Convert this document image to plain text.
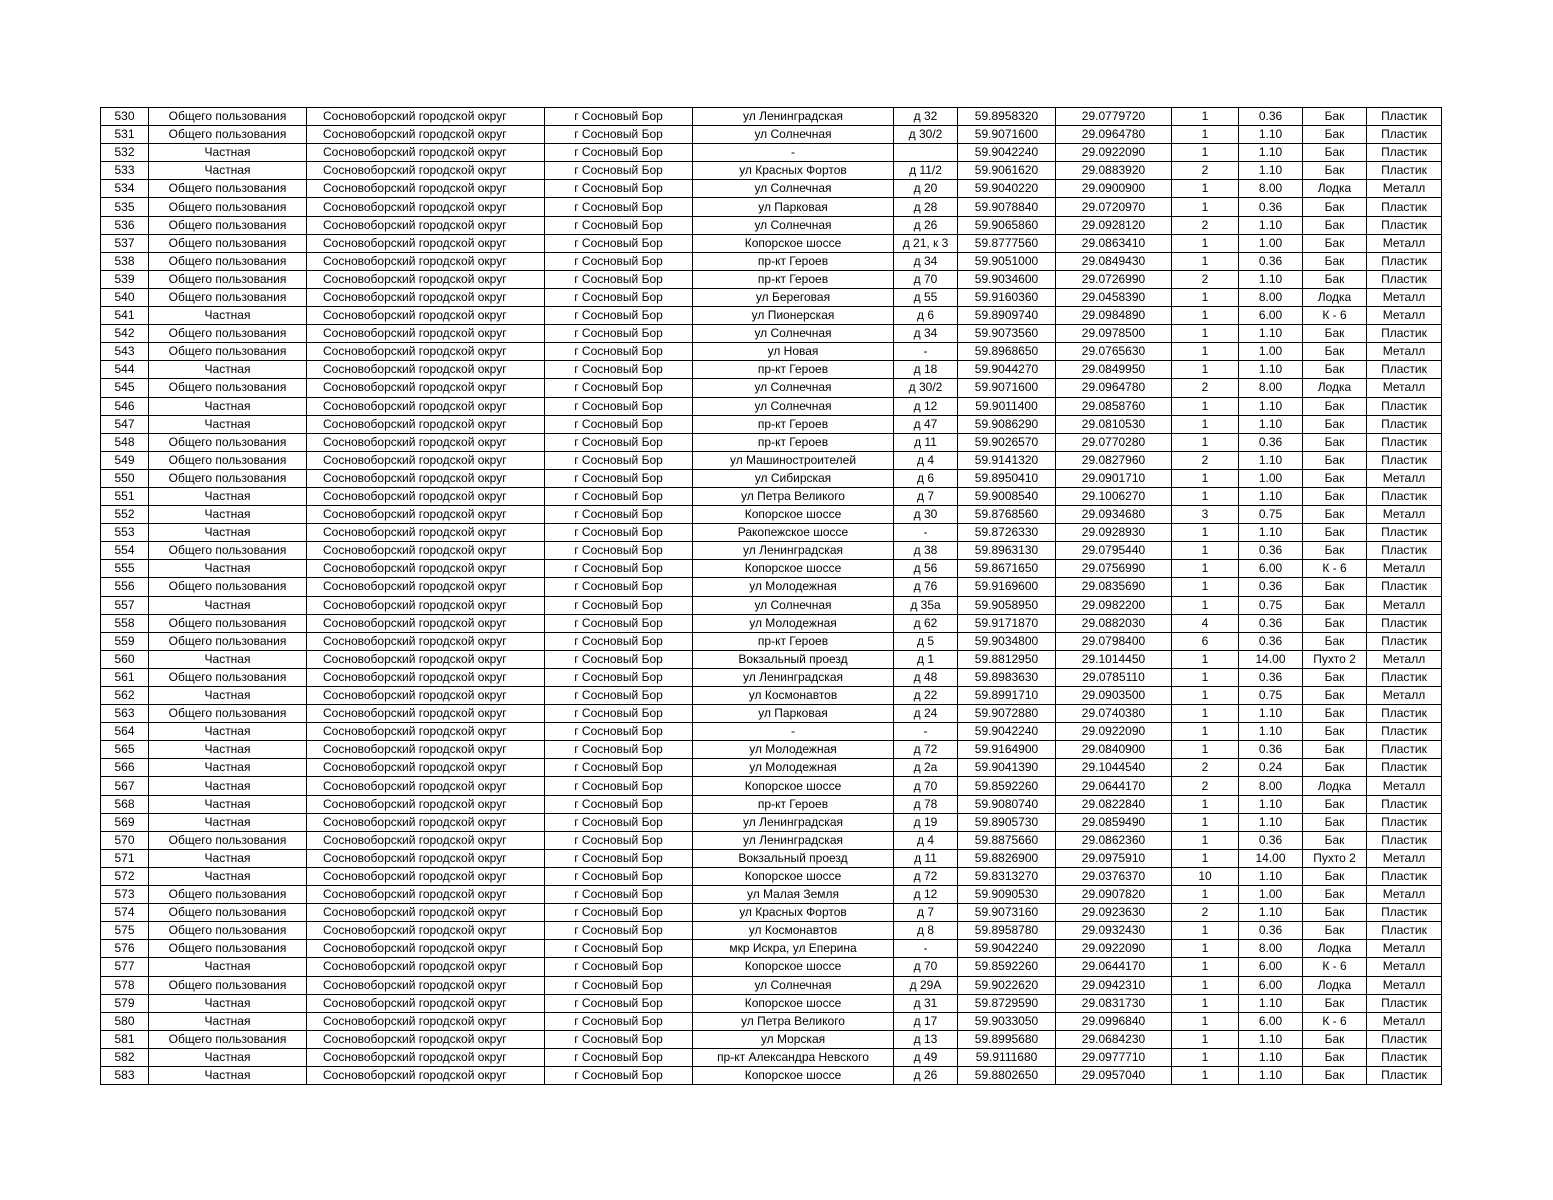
530	Общего пользования	Сосновоборский городской округ	г Сосновый Бор	ул Ленинградская	д 32	59.8958320	29.0779720	1	0.36	Бак	Пластик
531	Общего пользования	Сосновоборский городской округ	г Сосновый Бор	ул Солнечная	д 30/2	59.9071600	29.0964780	1	1.10	Бак	Пластик
532	Частная	Сосновоборский городской округ	г Сосновый Бор	-		59.9042240	29.0922090	1	1.10	Бак	Пластик
533	Частная	Сосновоборский городской округ	г Сосновый Бор	ул Красных Фортов	д 11/2	59.9061620	29.0883920	2	1.10	Бак	Пластик
534	Общего пользования	Сосновоборский городской округ	г Сосновый Бор	ул Солнечная	д 20	59.9040220	29.0900900	1	8.00	Лодка	Металл
535	Общего пользования	Сосновоборский городской округ	г Сосновый Бор	ул Парковая	д 28	59.9078840	29.0720970	1	0.36	Бак	Пластик
536	Общего пользования	Сосновоборский городской округ	г Сосновый Бор	ул Солнечная	д 26	59.9065860	29.0928120	2	1.10	Бак	Пластик
537	Общего пользования	Сосновоборский городской округ	г Сосновый Бор	Копорское шоссе	д 21, к 3	59.8777560	29.0863410	1	1.00	Бак	Металл
538	Общего пользования	Сосновоборский городской округ	г Сосновый Бор	пр-кт Героев	д 34	59.9051000	29.0849430	1	0.36	Бак	Пластик
539	Общего пользования	Сосновоборский городской округ	г Сосновый Бор	пр-кт Героев	д 70	59.9034600	29.0726990	2	1.10	Бак	Пластик
540	Общего пользования	Сосновоборский городской округ	г Сосновый Бор	ул Береговая	д 55	59.9160360	29.0458390	1	8.00	Лодка	Металл
541	Частная	Сосновоборский городской округ	г Сосновый Бор	ул Пионерская	д 6	59.8909740	29.0984890	1	6.00	К - 6	Металл
542	Общего пользования	Сосновоборский городской округ	г Сосновый Бор	ул Солнечная	д 34	59.9073560	29.0978500	1	1.10	Бак	Пластик
543	Общего пользования	Сосновоборский городской округ	г Сосновый Бор	ул Новая	-	59.8968650	29.0765630	1	1.00	Бак	Металл
544	Частная	Сосновоборский городской округ	г Сосновый Бор	пр-кт Героев	д 18	59.9044270	29.0849950	1	1.10	Бак	Пластик
545	Общего пользования	Сосновоборский городской округ	г Сосновый Бор	ул Солнечная	д 30/2	59.9071600	29.0964780	2	8.00	Лодка	Металл
546	Частная	Сосновоборский городской округ	г Сосновый Бор	ул Солнечная	д 12	59.9011400	29.0858760	1	1.10	Бак	Пластик
547	Частная	Сосновоборский городской округ	г Сосновый Бор	пр-кт Героев	д 47	59.9086290	29.0810530	1	1.10	Бак	Пластик
548	Общего пользования	Сосновоборский городской округ	г Сосновый Бор	пр-кт Героев	д 11	59.9026570	29.0770280	1	0.36	Бак	Пластик
549	Общего пользования	Сосновоборский городской округ	г Сосновый Бор	ул Машиностроителей	д 4	59.9141320	29.0827960	2	1.10	Бак	Пластик
550	Общего пользования	Сосновоборский городской округ	г Сосновый Бор	ул Сибирская	д 6	59.8950410	29.0901710	1	1.00	Бак	Металл
551	Частная	Сосновоборский городской округ	г Сосновый Бор	ул Петра Великого	д 7	59.9008540	29.1006270	1	1.10	Бак	Пластик
552	Частная	Сосновоборский городской округ	г Сосновый Бор	Копорское шоссе	д 30	59.8768560	29.0934680	3	0.75	Бак	Металл
553	Частная	Сосновоборский городской округ	г Сосновый Бор	Ракопежское шоссе	-	59.8726330	29.0928930	1	1.10	Бак	Пластик
554	Общего пользования	Сосновоборский городской округ	г Сосновый Бор	ул Ленинградская	д 38	59.8963130	29.0795440	1	0.36	Бак	Пластик
555	Частная	Сосновоборский городской округ	г Сосновый Бор	Копорское шоссе	д 56	59.8671650	29.0756990	1	6.00	К - 6	Металл
556	Общего пользования	Сосновоборский городской округ	г Сосновый Бор	ул Молодежная	д 76	59.9169600	29.0835690	1	0.36	Бак	Пластик
557	Частная	Сосновоборский городской округ	г Сосновый Бор	ул Солнечная	д 35а	59.9058950	29.0982200	1	0.75	Бак	Металл
558	Общего пользования	Сосновоборский городской округ	г Сосновый Бор	ул Молодежная	д 62	59.9171870	29.0882030	4	0.36	Бак	Пластик
559	Общего пользования	Сосновоборский городской округ	г Сосновый Бор	пр-кт Героев	д 5	59.9034800	29.0798400	6	0.36	Бак	Пластик
560	Частная	Сосновоборский городской округ	г Сосновый Бор	Вокзальный проезд	д 1	59.8812950	29.1014450	1	14.00	Пухто 2	Металл
561	Общего пользования	Сосновоборский городской округ	г Сосновый Бор	ул Ленинградская	д 48	59.8983630	29.0785110	1	0.36	Бак	Пластик
562	Частная	Сосновоборский городской округ	г Сосновый Бор	ул Космонавтов	д 22	59.8991710	29.0903500	1	0.75	Бак	Металл
563	Общего пользования	Сосновоборский городской округ	г Сосновый Бор	ул Парковая	д 24	59.9072880	29.0740380	1	1.10	Бак	Пластик
564	Частная	Сосновоборский городской округ	г Сосновый Бор	-	-	59.9042240	29.0922090	1	1.10	Бак	Пластик
565	Частная	Сосновоборский городской округ	г Сосновый Бор	ул Молодежная	д 72	59.9164900	29.0840900	1	0.36	Бак	Пластик
566	Частная	Сосновоборский городской округ	г Сосновый Бор	ул Молодежная	д 2а	59.9041390	29.1044540	2	0.24	Бак	Пластик
567	Частная	Сосновоборский городской округ	г Сосновый Бор	Копорское шоссе	д 70	59.8592260	29.0644170	2	8.00	Лодка	Металл
568	Частная	Сосновоборский городской округ	г Сосновый Бор	пр-кт Героев	д 78	59.9080740	29.0822840	1	1.10	Бак	Пластик
569	Частная	Сосновоборский городской округ	г Сосновый Бор	ул Ленинградская	д 19	59.8905730	29.0859490	1	1.10	Бак	Пластик
570	Общего пользования	Сосновоборский городской округ	г Сосновый Бор	ул Ленинградская	д 4	59.8875660	29.0862360	1	0.36	Бак	Пластик
571	Частная	Сосновоборский городской округ	г Сосновый Бор	Вокзальный проезд	д 11	59.8826900	29.0975910	1	14.00	Пухто 2	Металл
572	Частная	Сосновоборский городской округ	г Сосновый Бор	Копорское шоссе	д 72	59.8313270	29.0376370	10	1.10	Бак	Пластик
573	Общего пользования	Сосновоборский городской округ	г Сосновый Бор	ул Малая Земля	д 12	59.9090530	29.0907820	1	1.00	Бак	Металл
574	Общего пользования	Сосновоборский городской округ	г Сосновый Бор	ул Красных Фортов	д 7	59.9073160	29.0923630	2	1.10	Бак	Пластик
575	Общего пользования	Сосновоборский городской округ	г Сосновый Бор	ул Космонавтов	д 8	59.8958780	29.0932430	1	0.36	Бак	Пластик
576	Общего пользования	Сосновоборский городской округ	г Сосновый Бор	мкр Искра, ул Еперина	-	59.9042240	29.0922090	1	8.00	Лодка	Металл
577	Частная	Сосновоборский городской округ	г Сосновый Бор	Копорское шоссе	д 70	59.8592260	29.0644170	1	6.00	К - 6	Металл
578	Общего пользования	Сосновоборский городской округ	г Сосновый Бор	ул Солнечная	д 29А	59.9022620	29.0942310	1	6.00	Лодка	Металл
579	Частная	Сосновоборский городской округ	г Сосновый Бор	Копорское шоссе	д 31	59.8729590	29.0831730	1	1.10	Бак	Пластик
580	Частная	Сосновоборский городской округ	г Сосновый Бор	ул Петра Великого	д 17	59.9033050	29.0996840	1	6.00	К - 6	Металл
581	Общего пользования	Сосновоборский городской округ	г Сосновый Бор	ул Морская	д 13	59.8995680	29.0684230	1	1.10	Бак	Пластик
582	Частная	Сосновоборский городской округ	г Сосновый Бор	пр-кт Александра Невского	д 49	59.9111680	29.0977710	1	1.10	Бак	Пластик
583	Частная	Сосновоборский городской округ	г Сосновый Бор	Копорское шоссе	д 26	59.8802650	29.0957040	1	1.10	Бак	Пластик
